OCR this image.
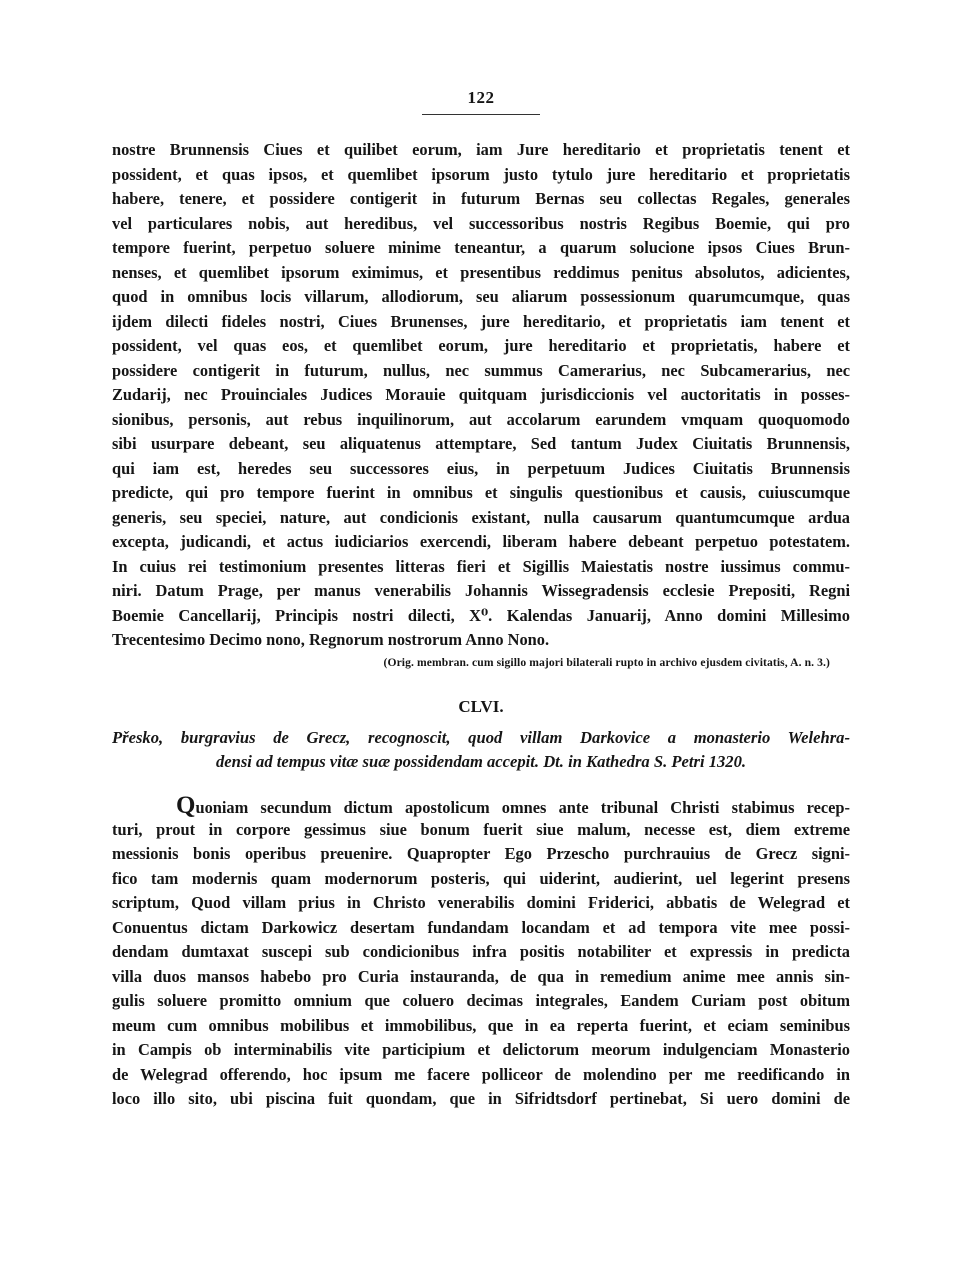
122
nostre Brunnensis Ciues et quilibet eorum, iam Jure hereditario et proprietatis tenent et
possident, et quas ipsos, et quemlibet ipsorum justo tytulo jure hereditario et proprietatis
habere, tenere, et possidere contigerit in futurum Bernas seu collectas Regales, generales
vel particulares nobis, aut heredibus, vel successoribus nostris Regibus Boemie, qui pro
tempore fuerint, perpetuo soluere minime teneantur, a quarum solucione ipsos Ciues Brun-
nenses, et quemlibet ipsorum eximimus, et presentibus reddimus penitus absolutos, adicientes,
quod in omnibus locis villarum, allodiorum, seu aliarum possessionum quarumcumque, quas
ijdem dilecti fideles nostri, Ciues Brunenses, jure hereditario, et proprietatis iam tenent et
possident, vel quas eos, et quemlibet eorum, jure hereditario et proprietatis, habere et
possidere contigerit in futurum, nullus, nec summus Camerarius, nec Subcamerarius, nec
Zudarij, nec Prouinciales Judices Morauie quitquam jurisdiccionis vel auctoritatis in posses-
sionibus, personis, aut rebus inquilinorum, aut accolarum earundem vmquam quoquomodo
sibi usurpare debeant, seu aliquatenus attemptare, Sed tantum Judex Ciuitatis Brunnensis,
qui iam est, heredes seu successores eius, in perpetuum Judices Ciuitatis Brunnensis
predicte, qui pro tempore fuerint in omnibus et singulis questionibus et causis, cuiuscumque
generis, seu speciei, nature, aut condicionis existant, nulla causarum quantumcumque ardua
excepta, judicandi, et actus iudiciarios exercendi, liberam habere debeant perpetuo potestatem.
In cuius rei testimonium presentes litteras fieri et Sigillis Maiestatis nostre iussimus commu-
niri. Datum Prage, per manus venerabilis Johannis Wissegradensis ecclesie Prepositi, Regni
Boemie Cancellarij, Principis nostri dilecti, X⁰. Kalendas Januarij, Anno domini Millesimo
Trecentesimo Decimo nono, Regnorum nostrorum Anno Nono.
(Orig. membran. cum sigillo majori bilaterali rupto in archivo ejusdem civitatis, A. n. 3.)
CLVI.
Přesko, burgravius de Grecz, recognoscit, quod villam Darkovice a monasterio Welehra-
densi ad tempus vitæ suæ possidendam accepit. Dt. in Kathedra S. Petri 1320.
Quoniam secundum dictum apostolicum omnes ante tribunal Christi stabimus recep-
turi, prout in corpore gessimus siue bonum fuerit siue malum, necesse est, diem extreme
messionis bonis operibus preuenire. Quapropter Ego Przescho purchrauius de Grecz signi-
fico tam modernis quam modernorum posteris, qui uiderint, audierint, uel legerint presens
scriptum, Quod villam prius in Christo venerabilis domini Friderici, abbatis de Welegrad et
Conuentus dictam Darkowicz desertam fundandam locandam et ad tempora vite mee possi-
dendam dumtaxat suscepi sub condicionibus infra positis notabiliter et expressis in predicta
villa duos mansos habebo pro Curia instauranda, de qua in remedium anime mee annis sin-
gulis soluere promitto omnium que coluero decimas integrales, Eandem Curiam post obitum
meum cum omnibus mobilibus et immobilibus, que in ea reperta fuerint, et eciam seminibus
in Campis ob interminabilis vite participium et delictorum meorum indulgenciam Monasterio
de Welegrad offerendo, hoc ipsum me facere polliceor de molendino per me reedificando in
loco illo sito, ubi piscina fuit quondam, que in Sifridtsdorf pertinebat, Si uero domini de
